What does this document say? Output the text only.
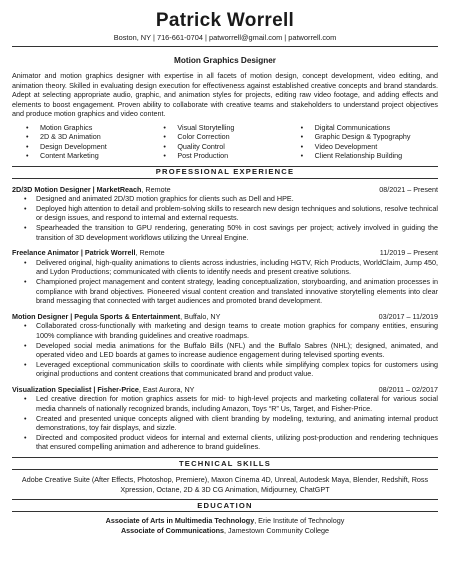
Patrick Worrell
Boston, NY | 716-661-0704 | patworrell@gmail.com | patworrell.com
Motion Graphics Designer
Animator and motion graphics designer with expertise in all facets of motion design, concept development, video editing, and animation theory. Skilled in evaluating design execution for effectiveness against established creative concepts and brand standards. Adept at selecting appropriate audio, graphic, and animation styles for projects, editing raw video footage, and adding effects and elements to boost engagement. Proven ability to collaborate with creative teams and stakeholders to understand project objectives and produce motion graphics and video content.
• Motion Graphics	• Visual Storytelling	• Digital Communications
• 2D & 3D Animation	• Color Correction	• Graphic Design & Typography
• Design Development	• Quality Control	• Video Development
• Content Marketing	• Post Production	• Client Relationship Building
PROFESSIONAL EXPERIENCE
2D/3D Motion Designer | MarketReach, Remote	08/2021 – Present
• Designed and animated 2D/3D motion graphics for clients such as Dell and HPE.
• Deployed high attention to detail and problem-solving skills to research new design techniques and solutions, resolve technical or design issues, and respond to internal and external requests.
• Spearheaded the transition to GPU rendering, generating 50% in cost savings per project; actively involved in guiding the transition of 3D development workflows utilizing the Unreal Engine.
Freelance Animator | Patrick Worrell, Remote	11/2019 – Present
• Delivered original, high-quality animations to clients across industries, including HGTV, Rich Products, WorldClaim, Jump 450, and Lydon Productions; communicated with clients to identify needs and present creative solutions.
• Championed project management and content strategy, leading conceptualization, storyboarding, and animation processes in compliance with brand objectives. Pioneered visual content creation and translated innovative storytelling elements into clear brand messaging that connected with target audiences and promoted brand development.
Motion Designer | Pegula Sports & Entertainment, Buffalo, NY	03/2017 – 11/2019
• Collaborated cross-functionally with marketing and design teams to create motion graphics for company entities, ensuring 100% compliance with branding guidelines and creative roadmaps.
• Developed social media animations for the Buffalo Bills (NFL) and the Buffalo Sabres (NHL); designed, animated, and operated video and LED boards at games to increase audience engagement during televised sporting events.
• Leveraged exceptional communication skills to coordinate with clients while simplifying complex topics for customers using original productions and content creations that communicated brand and product value.
Visualization Specialist | Fisher-Price, East Aurora, NY	08/2011 – 02/2017
• Led creative direction for motion graphics assets for mid- to high-level projects and marketing collateral for various social media channels of nationally recognized brands, including Amazon, Toys “R” Us, Target, and Fisher-Price.
• Created and presented unique concepts aligned with client branding by modeling, texturing, and animating internal product demonstrations, toy fair displays, and sizzle.
• Directed and composited product videos for internal and external clients, utilizing post-production and rendering techniques that ensured compelling animation and adherence to brand guidelines.
TECHNICAL SKILLS
Adobe Creative Suite (After Effects, Photoshop, Premiere), Maxon Cinema 4D, Unreal, Autodesk Maya, Blender, Redshift, Ross
Xpression, Octane, 2D & 3D CG Animation, Midjourney, ChatGPT
EDUCATION
Associate of Arts in Multimedia Technology, Erie Institute of Technology
Associate of Communications, Jamestown Community College
